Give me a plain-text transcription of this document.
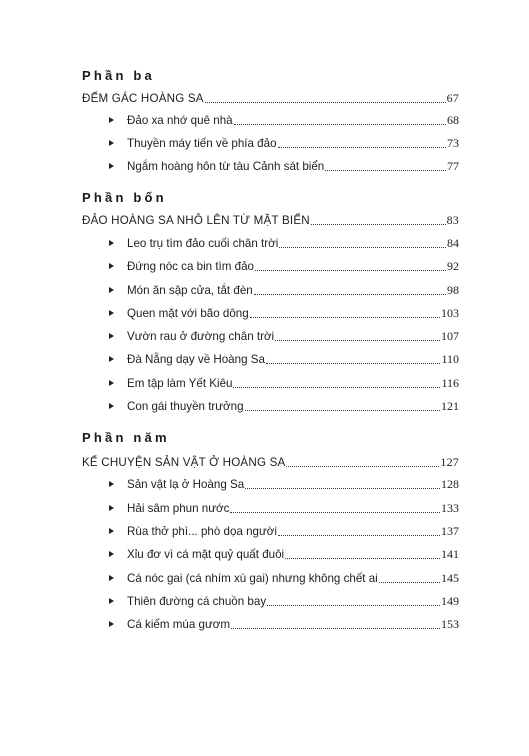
Phần ba
ĐẾM GÁC HOÀNG SA	67
Đảo xa nhớ quê nhà	68
Thuyền máy tiến về phía đảo	73
Ngắm hoàng hôn từ tàu Cảnh sát biển	77
Phần bốn
ĐẢO HOÀNG SA NHÔ LÊN TỪ MẶT BIỂN	83
Leo trụ tìm đảo cuối chân trời	84
Đứng nóc ca bin tìm đảo	92
Món ăn sập cửa, tắt đèn	98
Quen mặt với bão dông	103
Vườn rau ở đường chân trời	107
Đà Nẵng dạy về Hoàng Sa	110
Em tập làm Yết Kiêu	116
Con gái thuyền trưởng	121
Phần năm
KỂ CHUYỆN SẢN VẬT Ở HOÀNG SA	127
Sản vật lạ ở Hoàng Sa	128
Hải sâm phun nước	133
Rùa thở phì... phò dọa người	137
Xỉu đơ vì cá mặt quỷ quất đuôi	141
Cá nóc gai (cá nhím xù gai) nhưng không chết ai	145
Thiên đường cá chuồn bay	149
Cá kiếm múa gươm	153
